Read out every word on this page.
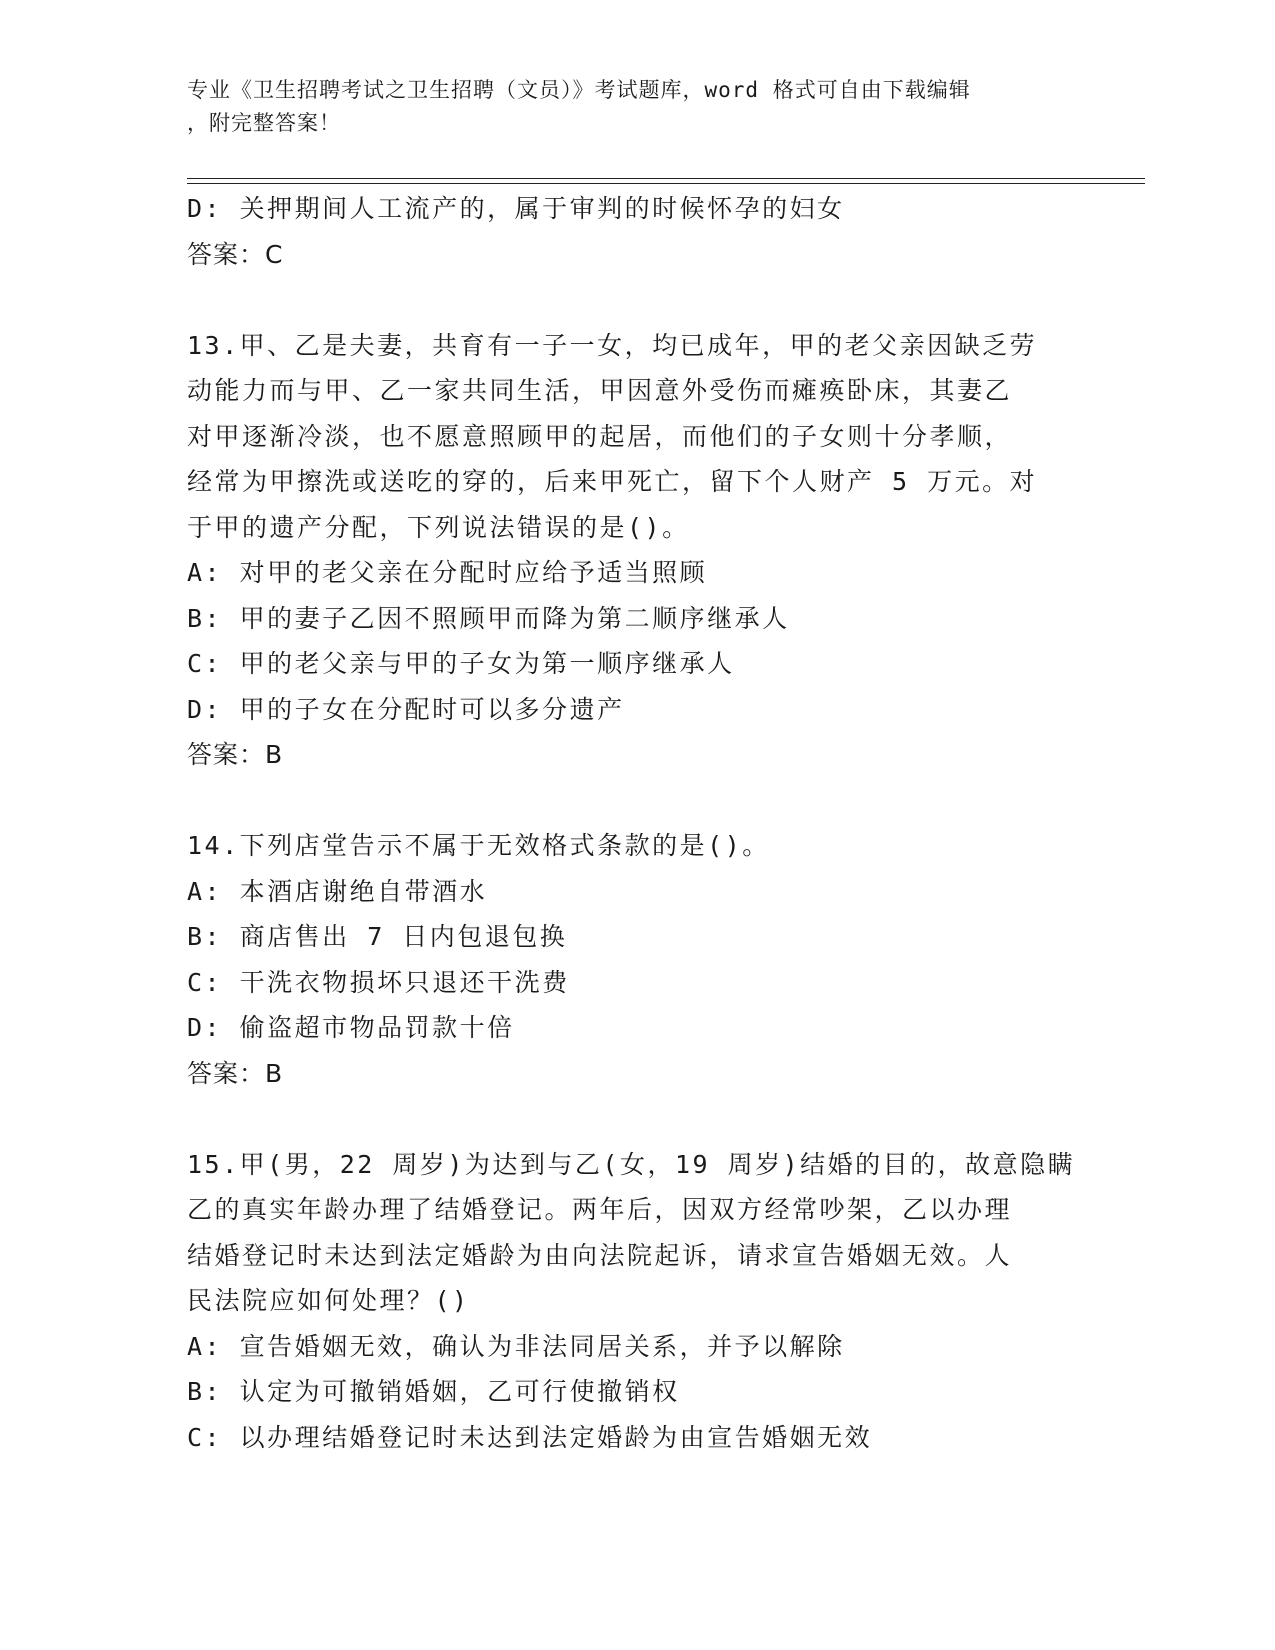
专业《卫生招聘考试之卫生招聘（文员）》考试题库，word 格式可自由下载编辑
，附完整答案！
D: 关押期间人工流产的，属于审判的时候怀孕的妇女
答案：C
13.甲、乙是夫妻，共育有一子一女，均已成年，甲的老父亲因缺乏劳
动能力而与甲、乙一家共同生活，甲因意外受伤而瘫痪卧床，其妻乙
对甲逐渐冷淡，也不愿意照顾甲的起居，而他们的子女则十分孝顺，
经常为甲擦洗或送吃的穿的，后来甲死亡，留下个人财产 5 万元。对
于甲的遗产分配，下列说法错误的是()。
A: 对甲的老父亲在分配时应给予适当照顾
B: 甲的妻子乙因不照顾甲而降为第二顺序继承人
C: 甲的老父亲与甲的子女为第一顺序继承人
D: 甲的子女在分配时可以多分遗产
答案：B
14.下列店堂告示不属于无效格式条款的是()。
A: 本酒店谢绝自带酒水
B: 商店售出 7 日内包退包换
C: 干洗衣物损坏只退还干洗费
D: 偷盗超市物品罚款十倍
答案：B
15.甲(男，22 周岁)为达到与乙(女，19 周岁)结婚的目的，故意隐瞒
乙的真实年龄办理了结婚登记。两年后，因双方经常吵架，乙以办理
结婚登记时未达到法定婚龄为由向法院起诉，请求宣告婚姻无效。人
民法院应如何处理？()
A: 宣告婚姻无效，确认为非法同居关系，并予以解除
B: 认定为可撤销婚姻，乙可行使撤销权
C: 以办理结婚登记时未达到法定婚龄为由宣告婚姻无效
